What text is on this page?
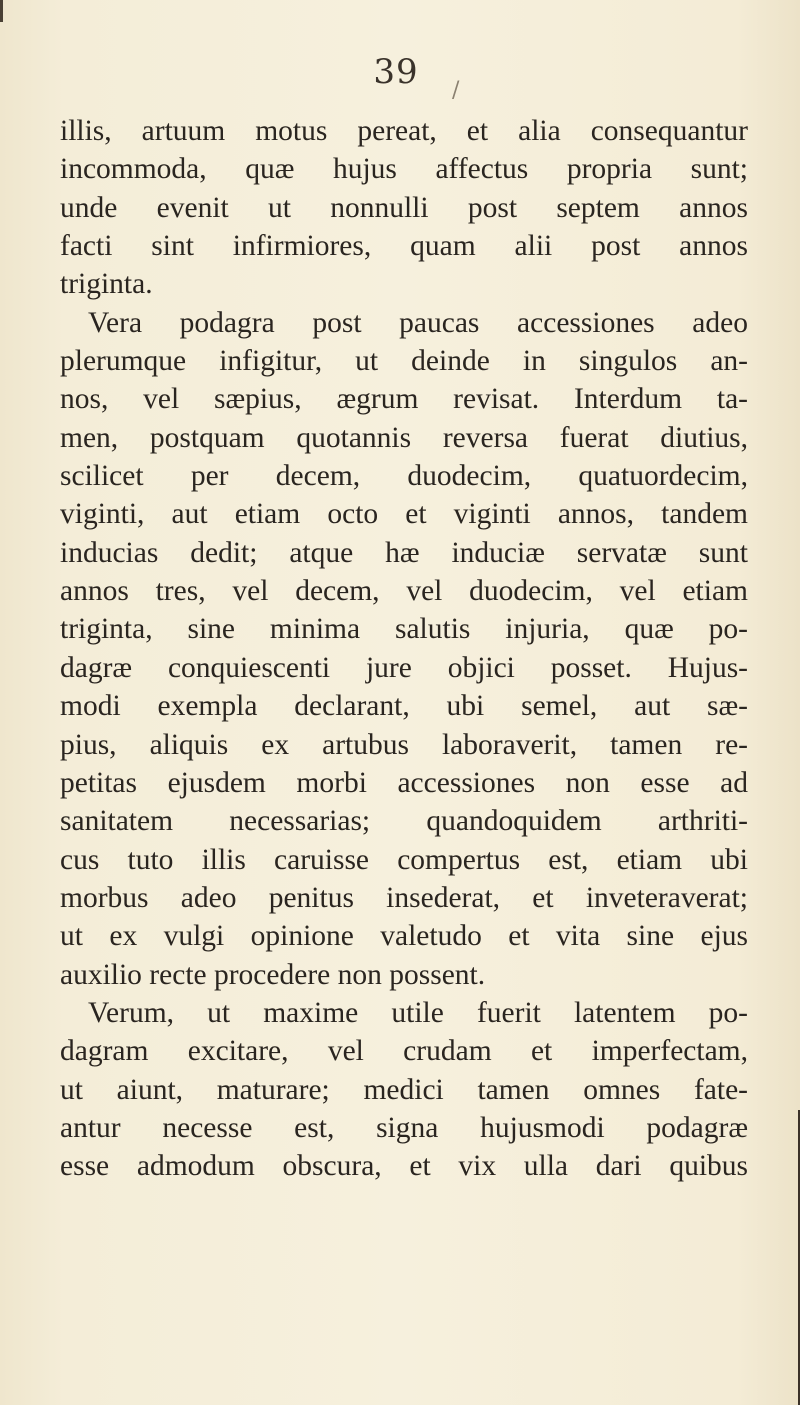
39	/
illis, artuum motus pereat, et alia consequantur
incommoda, quæ hujus affectus propria sunt;
unde evenit ut nonnulli post septem annos
facti sint infirmiores, quam alii post annos
triginta.
Vera podagra post paucas accessiones adeo
plerumque infigitur, ut deinde in singulos an-
nos, vel sæpius, ægrum revisat. Interdum ta-
men, postquam quotannis reversa fuerat diutius,
scilicet per decem, duodecim, quatuordecim,
viginti, aut etiam octo et viginti annos, tandem
inducias dedit; atque hæ induciæ servatæ sunt
annos tres, vel decem, vel duodecim, vel etiam
triginta, sine minima salutis injuria, quæ po-
dagræ conquiescenti jure objici posset. Hujus-
modi exempla declarant, ubi semel, aut sæ-
pius, aliquis ex artubus laboraverit, tamen re-
petitas ejusdem morbi accessiones non esse ad
sanitatem necessarias; quandoquidem arthriti-
cus tuto illis caruisse compertus est, etiam ubi
morbus adeo penitus insederat, et inveteraverat;
ut ex vulgi opinione valetudo et vita sine ejus
auxilio recte procedere non possent.
Verum, ut maxime utile fuerit latentem po-
dagram excitare, vel crudam et imperfectam,
ut aiunt, maturare; medici tamen omnes fate-
antur necesse est, signa hujusmodi podagræ
esse admodum obscura, et vix ulla dari quibus
